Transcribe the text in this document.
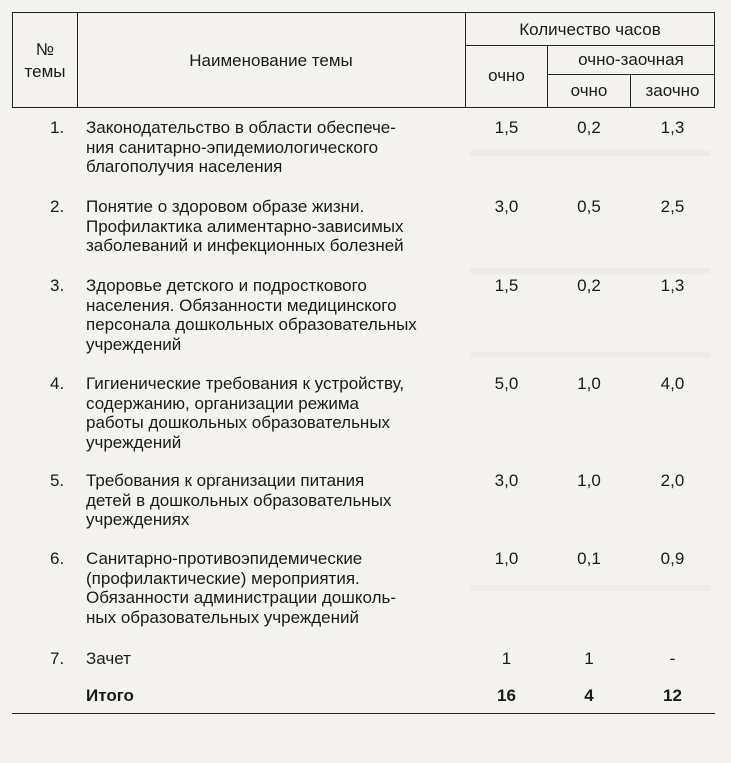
№
темы
Наименование темы
Количество часов
очно
очно-заочная
очно	заочно
1. Законодательство в области обеспече-
ния санитарно-эпидемиологического
благополучия населения
1,5	0,2	1,3
2. Понятие о здоровом образе жизни.
Профилактика алиментарно-зависимых
заболеваний и инфекционных болезней
3,0	0,5	2,5
3. Здоровье детского и подросткового
населения. Обязанности медицинского
персонала дошкольных образовательных
учреждений
1,5	0,2	1,3
4. Гигиенические требования к устройству,
содержанию, организации режима
работы дошкольных образовательных
учреждений
5,0	1,0	4,0
5. Требования к организации питания
детей в дошкольных образовательных
учреждениях
3,0	1,0	2,0
6. Санитарно-противоэпидемические
(профилактические) мероприятия.
Обязанности администрации дошколь-
ных образовательных учреждений
1,0	0,1	0,9
7. Зачет	1	1	-
Итого	16	4	12
